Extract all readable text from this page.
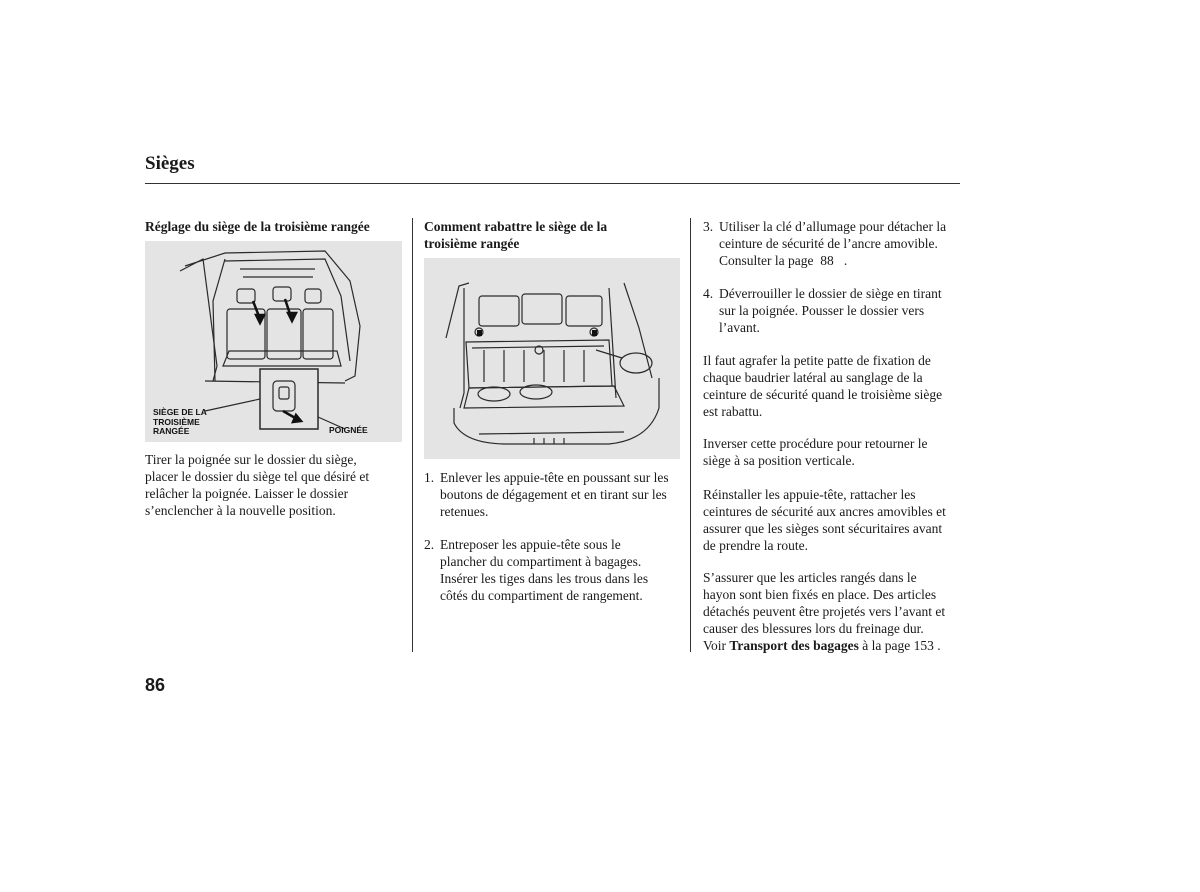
Sièges
Réglage du siège de la troisième rangée
SIÈGE DE LA
TROISIÈME
RANGÉE	POIGNÉE
Tirer la poignée sur le dossier du siège,
placer le dossier du siège tel que désiré et
relâcher la poignée. Laisser le dossier
s’enclencher à la nouvelle position.
Comment rabattre le siège de la
troisième rangée
1. Enlever les appuie-tête en poussant sur les
boutons de dégagement et en tirant sur les
retenues.
2. Entreposer les appuie-tête sous le
plancher du compartiment à bagages.
Insérer les tiges dans les trous dans les
côtés du compartiment de rangement.
3. Utiliser la clé d’allumage pour détacher la
ceinture de sécurité de l’ancre amovible.
Consulter la page  88   .
4. Déverrouiller le dossier de siège en tirant
sur la poignée. Pousser le dossier vers
l’avant.
Il faut agrafer la petite patte de fixation de
chaque baudrier latéral au sanglage de la
ceinture de sécurité quand le troisième siège
est rabattu.
Inverser cette procédure pour retourner le
siège à sa position verticale.
Réinstaller les appuie-tête, rattacher les
ceintures de sécurité aux ancres amovibles et
assurer que les sièges sont sécuritaires avant
de prendre la route.
S’assurer que les articles rangés dans le
hayon sont bien fixés en place. Des articles
détachés peuvent être projetés vers l’avant et
causer des blessures lors du freinage dur.
Voir Transport des bagages à la page 153 .
86
